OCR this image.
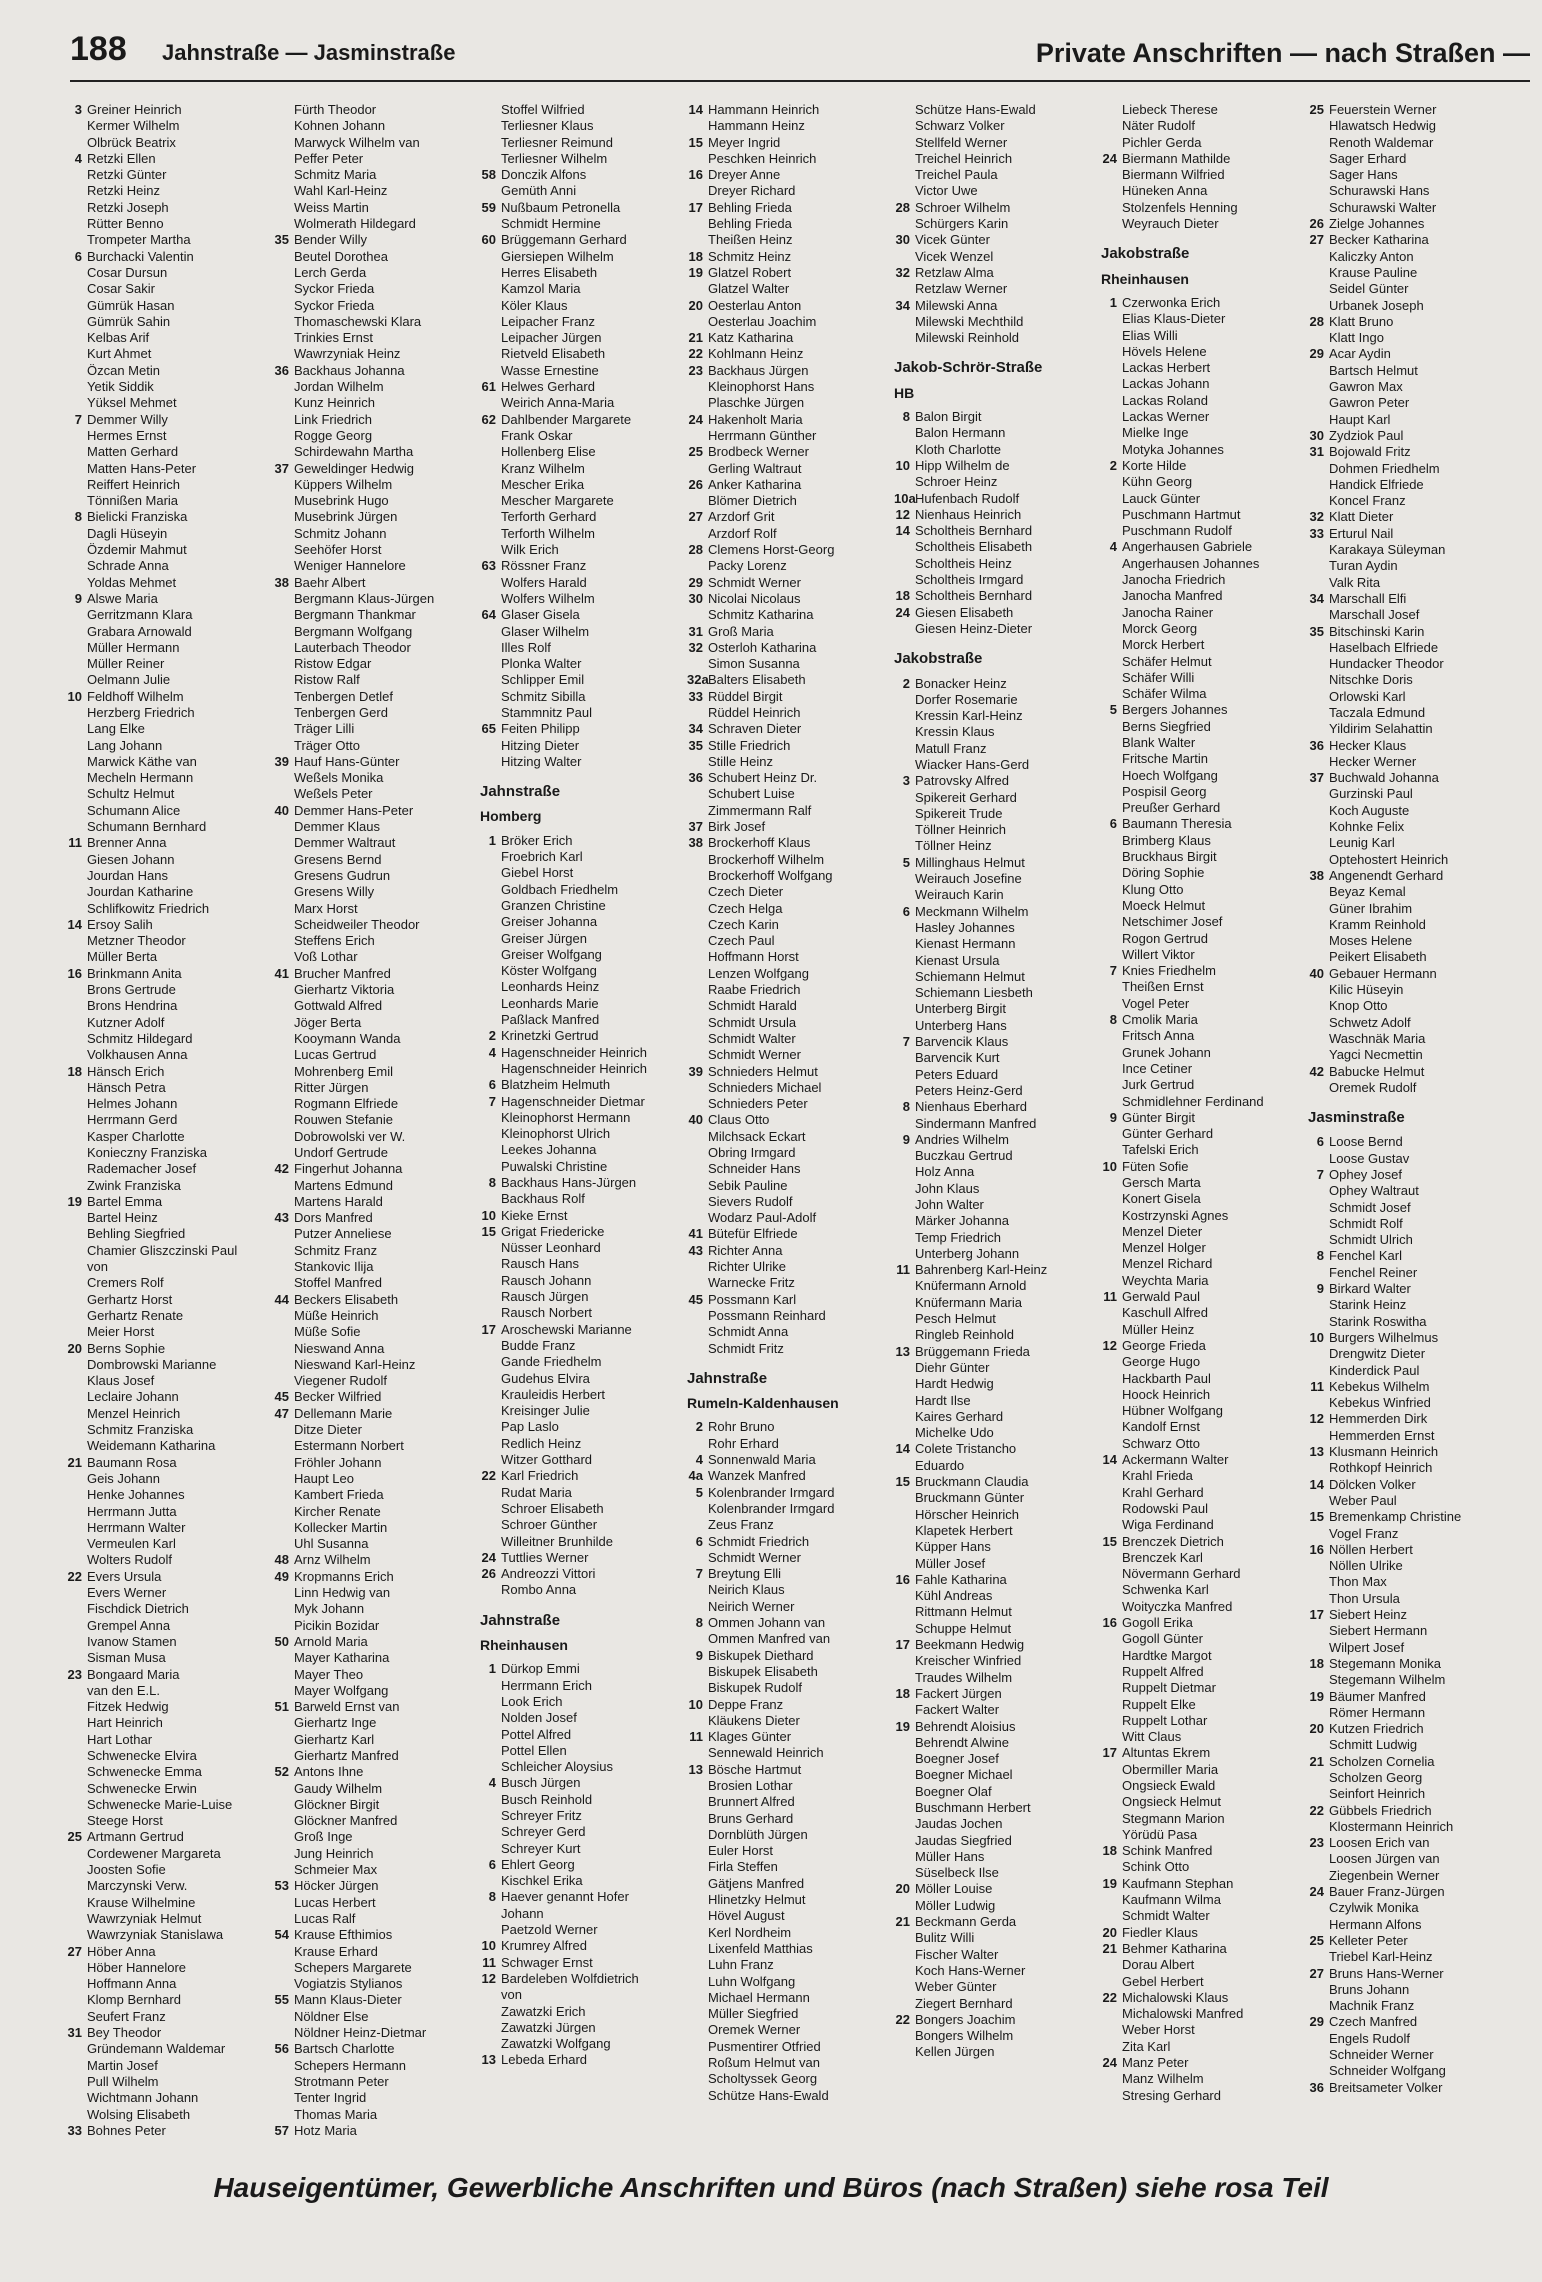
188 Jahnstraße — Jasminstraße	Private Anschriften — nach Straßen —
3 Greiner Heinrich
Kermer Wilhelm
Olbrück Beatrix
4 Retzki Ellen
Retzki Günter
Retzki Heinz
Retzki Joseph
Rütter Benno
Trompeter Martha
6 Burchacki Valentin
Cosar Dursun
Cosar Sakir
Gümrük Hasan
Gümrük Sahin
Kelbas Arif
Kurt Ahmet
Özcan Metin
Yetik Siddik
Yüksel Mehmet
7 Demmer Willy
Hermes Ernst
Matten Gerhard
Matten Hans-Peter
Reiffert Heinrich
Tönnißen Maria
8 Bielicki Franziska
Dagli Hüseyin
Özdemir Mahmut
Schrade Anna
Yoldas Mehmet
9 Alswe Maria
Gerritzmann Klara
Grabara Arnowald
Müller Hermann
Müller Reiner
Oelmann Julie
10 Feldhoff Wilhelm
Herzberg Friedrich
Lang Elke
Lang Johann
Marwick Käthe van
Mecheln Hermann
Schultz Helmut
Schumann Alice
Schumann Bernhard
11 Brenner Anna
Giesen Johann
Jourdan Hans
Jourdan Katharine
Schlifkowitz Friedrich
14 Ersoy Salih
Metzner Theodor
Müller Berta
16 Brinkmann Anita
Brons Gertrude
Brons Hendrina
Kutzner Adolf
Schmitz Hildegard
Volkhausen Anna
18 Hänsch Erich
Hänsch Petra
Helmes Johann
Herrmann Gerd
Kasper Charlotte
Konieczny Franziska
Rademacher Josef
Zwink Franziska
19 Bartel Emma
Bartel Heinz
Behling Siegfried
Chamier Gliszczinski Paul
von
Cremers Rolf
Gerhartz Horst
Gerhartz Renate
Meier Horst
20 Berns Sophie
Dombrowski Marianne
Klaus Josef
Leclaire Johann
Menzel Heinrich
Schmitz Franziska
Weidemann Katharina
21 Baumann Rosa
Geis Johann
Henke Johannes
Herrmann Jutta
Herrmann Walter
Vermeulen Karl
Wolters Rudolf
22 Evers Ursula
Evers Werner
Fischdick Dietrich
Grempel Anna
Ivanow Stamen
Sisman Musa
23 Bongaard Maria
van den E.L.
Fitzek Hedwig
Hart Heinrich
Hart Lothar
Schwenecke Elvira
Schwenecke Emma
Schwenecke Erwin
Schwenecke Marie-Luise
Steege Horst
25 Artmann Gertrud
Cordewener Margareta
Joosten Sofie
Marczynski Verw.
Krause Wilhelmine
Wawrzyniak Helmut
Wawrzyniak Stanislawa
27 Höber Anna
Höber Hannelore
Hoffmann Anna
Klomp Bernhard
Seufert Franz
31 Bey Theodor
Gründemann Waldemar
Martin Josef
Pull Wilhelm
Wichtmann Johann
Wolsing Elisabeth
33 Bohnes Peter
Fürth Theodor
Kohnen Johann
Marwyck Wilhelm van
Peffer Peter
Schmitz Maria
Wahl Karl-Heinz
Weiss Martin
Wolmerath Hildegard
35 Bender Willy
Beutel Dorothea
Lerch Gerda
Syckor Frieda
Syckor Frieda
Thomaschewski Klara
Trinkies Ernst
Wawrzyniak Heinz
36 Backhaus Johanna
Jordan Wilhelm
Kunz Heinrich
Link Friedrich
Rogge Georg
Schirdewahn Martha
37 Geweldinger Hedwig
Küppers Wilhelm
Musebrink Hugo
Musebrink Jürgen
Schmitz Johann
Seehöfer Horst
Weniger Hannelore
38 Baehr Albert
Bergmann Klaus-Jürgen
Bergmann Thankmar
Bergmann Wolfgang
Lauterbach Theodor
Ristow Edgar
Ristow Ralf
Tenbergen Detlef
Tenbergen Gerd
Träger Lilli
Träger Otto
39 Hauf Hans-Günter
Weßels Monika
Weßels Peter
40 Demmer Hans-Peter
Demmer Klaus
Demmer Waltraut
Gresens Bernd
Gresens Gudrun
Gresens Willy
Marx Horst
Scheidweiler Theodor
Steffens Erich
Voß Lothar
41 Brucher Manfred
Gierhartz Viktoria
Gottwald Alfred
Jöger Berta
Kooymann Wanda
Lucas Gertrud
Mohrenberg Emil
Ritter Jürgen
Rogmann Elfriede
Rouwen Stefanie
Dobrowolski ver W.
Undorf Gertrude
42 Fingerhut Johanna
Martens Edmund
Martens Harald
43 Dors Manfred
Putzer Anneliese
Schmitz Franz
Stankovic Ilija
Stoffel Manfred
44 Beckers Elisabeth
Müße Heinrich
Müße Sofie
Nieswand Anna
Nieswand Karl-Heinz
Viegener Rudolf
45 Becker Wilfried
47 Dellemann Marie
Ditze Dieter
Estermann Norbert
Fröhler Johann
Haupt Leo
Kambert Frieda
Kircher Renate
Kollecker Martin
Uhl Susanna
48 Arnz Wilhelm
49 Kropmanns Erich
Linn Hedwig van
Myk Johann
Picikin Bozidar
50 Arnold Maria
Mayer Katharina
Mayer Theo
Mayer Wolfgang
51 Barweld Ernst van
Gierhartz Inge
Gierhartz Karl
Gierhartz Manfred
52 Antons Ihne
Gaudy Wilhelm
Glöckner Birgit
Glöckner Manfred
Groß Inge
Jung Heinrich
Schmeier Max
53 Höcker Jürgen
Lucas Herbert
Lucas Ralf
54 Krause Efthimios
Krause Erhard
Schepers Margarete
Vogiatzis Stylianos
55 Mann Klaus-Dieter
Nöldner Else
Nöldner Heinz-Dietmar
56 Bartsch Charlotte
Schepers Hermann
Strotmann Peter
Tenter Ingrid
Thomas Maria
57 Hotz Maria
Stoffel Wilfried
Terliesner Klaus
Terliesner Reimund
Terliesner Wilhelm
58 Donczik Alfons
Gemüth Anni
59 Nußbaum Petronella
Schmidt Hermine
60 Brüggemann Gerhard
Giersiepen Wilhelm
Herres Elisabeth
Kamzol Maria
Köler Klaus
Leipacher Franz
Leipacher Jürgen
Rietveld Elisabeth
Wasse Ernestine
61 Helwes Gerhard
Weirich Anna-Maria
62 Dahlbender Margarete
Frank Oskar
Hollenberg Elise
Kranz Wilhelm
Mescher Erika
Mescher Margarete
Terforth Gerhard
Terforth Wilhelm
Wilk Erich
63 Rössner Franz
Wolfers Harald
Wolfers Wilhelm
64 Glaser Gisela
Glaser Wilhelm
Illes Rolf
Plonka Walter
Schlipper Emil
Schmitz Sibilla
Stammnitz Paul
65 Feiten Philipp
Hitzing Dieter
Hitzing Walter
Jahnstraße
Homberg
1 Bröker Erich
Froebrich Karl
Giebel Horst
Goldbach Friedhelm
Granzen Christine
Greiser Johanna
Greiser Jürgen
Greiser Wolfgang
Köster Wolfgang
Leonhards Heinz
Leonhards Marie
Paßlack Manfred
2 Krinetzki Gertrud
4 Hagenschneider Heinrich
Hagenschneider Heinrich
6 Blatzheim Helmuth
7 Hagenschneider Dietmar
Kleinophorst Hermann
Kleinophorst Ulrich
Leekes Johanna
Puwalski Christine
8 Backhaus Hans-Jürgen
Backhaus Rolf
10 Kieke Ernst
15 Grigat Friedericke
Nüsser Leonhard
Rausch Hans
Rausch Johann
Rausch Jürgen
Rausch Norbert
17 Aroschewski Marianne
Budde Franz
Gande Friedhelm
Gudehus Elvira
Krauleidis Herbert
Kreisinger Julie
Pap Laslo
Redlich Heinz
Witzer Gotthard
22 Karl Friedrich
Rudat Maria
Schroer Elisabeth
Schroer Günther
Willeitner Brunhilde
24 Tuttlies Werner
26 Andreozzi Vittori
Rombo Anna
Jahnstraße
Rheinhausen
1 Dürkop Emmi
Herrmann Erich
Look Erich
Nolden Josef
Pottel Alfred
Pottel Ellen
Schleicher Aloysius
4 Busch Jürgen
Busch Reinhold
Schreyer Fritz
Schreyer Gerd
Schreyer Kurt
6 Ehlert Georg
Kischkel Erika
8 Haever genannt Hofer
Johann
Paetzold Werner
10 Krumrey Alfred
11 Schwager Ernst
12 Bardeleben Wolfdietrich
von
Zawatzki Erich
Zawatzki Jürgen
Zawatzki Wolfgang
13 Lebeda Erhard
14 Hammann Heinrich
Hammann Heinz
15 Meyer Ingrid
Peschken Heinrich
16 Dreyer Anne
Dreyer Richard
17 Behling Frieda
Behling Frieda
Theißen Heinz
18 Schmitz Heinz
19 Glatzel Robert
Glatzel Walter
20 Oesterlau Anton
Oesterlau Joachim
21 Katz Katharina
22 Kohlmann Heinz
23 Backhaus Jürgen
Kleinophorst Hans
Plaschke Jürgen
24 Hakenholt Maria
Herrmann Günther
25 Brodbeck Werner
Gerling Waltraut
26 Anker Katharina
Blömer Dietrich
27 Arzdorf Grit
Arzdorf Rolf
28 Clemens Horst-Georg
Packy Lorenz
29 Schmidt Werner
30 Nicolai Nicolaus
Schmitz Katharina
31 Groß Maria
32 Osterloh Katharina
Simon Susanna
32a Balters Elisabeth
33 Rüddel Birgit
Rüddel Heinrich
34 Schraven Dieter
35 Stille Friedrich
Stille Heinz
36 Schubert Heinz Dr.
Schubert Luise
Zimmermann Ralf
37 Birk Josef
38 Brockerhoff Klaus
Brockerhoff Wilhelm
Brockerhoff Wolfgang
Czech Dieter
Czech Helga
Czech Karin
Czech Paul
Hoffmann Horst
Lenzen Wolfgang
Raabe Friedrich
Schmidt Harald
Schmidt Ursula
Schmidt Walter
Schmidt Werner
39 Schnieders Helmut
Schnieders Michael
Schnieders Peter
40 Claus Otto
Milchsack Eckart
Obring Irmgard
Schneider Hans
Sebik Pauline
Sievers Rudolf
Wodarz Paul-Adolf
41 Bütefür Elfriede
43 Richter Anna
Richter Ulrike
Warnecke Fritz
45 Possmann Karl
Possmann Reinhard
Schmidt Anna
Schmidt Fritz
Jahnstraße
Rumeln-Kaldenhausen
2 Rohr Bruno
Rohr Erhard
4 Sonnenwald Maria
4a Wanzek Manfred
5 Kolenbrander Irmgard
Kolenbrander Irmgard
Zeus Franz
6 Schmidt Friedrich
Schmidt Werner
7 Breytung Elli
Neirich Klaus
Neirich Werner
8 Ommen Johann van
Ommen Manfred van
9 Biskupek Diethard
Biskupek Elisabeth
Biskupek Rudolf
10 Deppe Franz
Kläukens Dieter
11 Klages Günter
Sennewald Heinrich
13 Bösche Hartmut
Brosien Lothar
Brunnert Alfred
Bruns Gerhard
Dornblüth Jürgen
Euler Horst
Firla Steffen
Gätjens Manfred
Hlinetzky Helmut
Hövel August
Kerl Nordheim
Lixenfeld Matthias
Luhn Franz
Luhn Wolfgang
Michael Hermann
Müller Siegfried
Oremek Werner
Pusmentirer Otfried
Roßum Helmut van
Scholtyssek Georg
Schütze Hans-Ewald
Schütze Hans-Ewald
Schwarz Volker
Stellfeld Werner
Treichel Heinrich
Treichel Paula
Victor Uwe
28 Schroer Wilhelm
Schürgers Karin
30 Vicek Günter
Vicek Wenzel
32 Retzlaw Alma
Retzlaw Werner
34 Milewski Anna
Milewski Mechthild
Milewski Reinhold
Jakob-Schrör-Straße
HB
8 Balon Birgit
Balon Hermann
Kloth Charlotte
10 Hipp Wilhelm de
Schroer Heinz
10a Hufenbach Rudolf
12 Nienhaus Heinrich
14 Scholtheis Bernhard
Scholtheis Elisabeth
Scholtheis Heinz
Scholtheis Irmgard
18 Scholtheis Bernhard
24 Giesen Elisabeth
Giesen Heinz-Dieter
Jakobstraße
2 Bonacker Heinz
Dorfer Rosemarie
Kressin Karl-Heinz
Kressin Klaus
Matull Franz
Wiacker Hans-Gerd
3 Patrovsky Alfred
Spikereit Gerhard
Spikereit Trude
Töllner Heinrich
Töllner Heinz
5 Millinghaus Helmut
Weirauch Josefine
Weirauch Karin
6 Meckmann Wilhelm
Hasley Johannes
Kienast Hermann
Kienast Ursula
Schiemann Helmut
Schiemann Liesbeth
Unterberg Birgit
Unterberg Hans
7 Barvencik Klaus
Barvencik Kurt
Peters Eduard
Peters Heinz-Gerd
8 Nienhaus Eberhard
Sindermann Manfred
9 Andries Wilhelm
Buczkau Gertrud
Holz Anna
John Klaus
John Walter
Märker Johanna
Temp Friedrich
Unterberg Johann
11 Bahrenberg Karl-Heinz
Knüfermann Arnold
Knüfermann Maria
Pesch Helmut
Ringleb Reinhold
13 Brüggemann Frieda
Diehr Günter
Hardt Hedwig
Hardt Ilse
Kaires Gerhard
Michelke Udo
14 Colete Tristancho
Eduardo
15 Bruckmann Claudia
Bruckmann Günter
Hörscher Heinrich
Klapetek Herbert
Küpper Hans
Müller Josef
16 Fahle Katharina
Kühl Andreas
Rittmann Helmut
Schuppe Helmut
17 Beekmann Hedwig
Kreischer Winfried
Traudes Wilhelm
18 Fackert Jürgen
Fackert Walter
19 Behrendt Aloisius
Behrendt Alwine
Boegner Josef
Boegner Michael
Boegner Olaf
Buschmann Herbert
Jaudas Jochen
Jaudas Siegfried
Müller Hans
Süselbeck Ilse
20 Möller Louise
Möller Ludwig
21 Beckmann Gerda
Bulitz Willi
Fischer Walter
Koch Hans-Werner
Weber Günter
Ziegert Bernhard
22 Bongers Joachim
Bongers Wilhelm
Kellen Jürgen
Liebeck Therese
Näter Rudolf
Pichler Gerda
24 Biermann Mathilde
Biermann Wilfried
Hüneken Anna
Stolzenfels Henning
Weyrauch Dieter
Jakobstraße
Rheinhausen
1 Czerwonka Erich
Elias Klaus-Dieter
Elias Willi
Hövels Helene
Lackas Herbert
Lackas Johann
Lackas Roland
Lackas Werner
Mielke Inge
Motyka Johannes
2 Korte Hilde
Kühn Georg
Lauck Günter
Puschmann Hartmut
Puschmann Rudolf
4 Angerhausen Gabriele
Angerhausen Johannes
Janocha Friedrich
Janocha Manfred
Janocha Rainer
Morck Georg
Morck Herbert
Schäfer Helmut
Schäfer Willi
Schäfer Wilma
5 Bergers Johannes
Berns Siegfried
Blank Walter
Fritsche Martin
Hoech Wolfgang
Pospisil Georg
Preußer Gerhard
6 Baumann Theresia
Brimberg Klaus
Bruckhaus Birgit
Döring Sophie
Klung Otto
Moeck Helmut
Netschimer Josef
Rogon Gertrud
Willert Viktor
7 Knies Friedhelm
Theißen Ernst
Vogel Peter
8 Cmolik Maria
Fritsch Anna
Grunek Johann
Ince Cetiner
Jurk Gertrud
Schmidlehner Ferdinand
9 Günter Birgit
Günter Gerhard
Tafelski Erich
10 Füten Sofie
Gersch Marta
Konert Gisela
Kostrzynski Agnes
Menzel Dieter
Menzel Holger
Menzel Richard
Weychta Maria
11 Gerwald Paul
Kaschull Alfred
Müller Heinz
12 George Frieda
George Hugo
Hackbarth Paul
Hoock Heinrich
Hübner Wolfgang
Kandolf Ernst
Schwarz Otto
14 Ackermann Walter
Krahl Frieda
Krahl Gerhard
Rodowski Paul
Wiga Ferdinand
15 Brenczek Dietrich
Brenczek Karl
Növermann Gerhard
Schwenka Karl
Woityczka Manfred
16 Gogoll Erika
Gogoll Günter
Hardtke Margot
Ruppelt Alfred
Ruppelt Dietmar
Ruppelt Elke
Ruppelt Lothar
Witt Claus
17 Altuntas Ekrem
Obermiller Maria
Ongsieck Ewald
Ongsieck Helmut
Stegmann Marion
Yörüdü Pasa
18 Schink Manfred
Schink Otto
19 Kaufmann Stephan
Kaufmann Wilma
Schmidt Walter
20 Fiedler Klaus
21 Behmer Katharina
Dorau Albert
Gebel Herbert
22 Michalowski Klaus
Michalowski Manfred
Weber Horst
Zita Karl
24 Manz Peter
Manz Wilhelm
Stresing Gerhard
25 Feuerstein Werner
Hlawatsch Hedwig
Renoth Waldemar
Sager Erhard
Sager Hans
Schurawski Hans
Schurawski Walter
26 Zielge Johannes
27 Becker Katharina
Kaliczky Anton
Krause Pauline
Seidel Günter
Urbanek Joseph
28 Klatt Bruno
Klatt Ingo
29 Acar Aydin
Bartsch Helmut
Gawron Max
Gawron Peter
Haupt Karl
30 Zydziok Paul
31 Bojowald Fritz
Dohmen Friedhelm
Handick Elfriede
Koncel Franz
32 Klatt Dieter
33 Erturul Nail
Karakaya Süleyman
Turan Aydin
Valk Rita
34 Marschall Elfi
Marschall Josef
35 Bitschinski Karin
Haselbach Elfriede
Hundacker Theodor
Nitschke Doris
Orlowski Karl
Taczala Edmund
Yildirim Selahattin
36 Hecker Klaus
Hecker Werner
37 Buchwald Johanna
Gurzinski Paul
Koch Auguste
Kohnke Felix
Leunig Karl
Optehostert Heinrich
38 Angenendt Gerhard
Beyaz Kemal
Güner Ibrahim
Kramm Reinhold
Moses Helene
Peikert Elisabeth
40 Gebauer Hermann
Kilic Hüseyin
Knop Otto
Schwetz Adolf
Waschnäk Maria
Yagci Necmettin
42 Babucke Helmut
Oremek Rudolf
Jasminstraße
6 Loose Bernd
Loose Gustav
7 Ophey Josef
Ophey Waltraut
Schmidt Josef
Schmidt Rolf
Schmidt Ulrich
8 Fenchel Karl
Fenchel Reiner
9 Birkard Walter
Starink Heinz
Starink Roswitha
10 Burgers Wilhelmus
Drengwitz Dieter
Kinderdick Paul
11 Kebekus Wilhelm
Kebekus Winfried
12 Hemmerden Dirk
Hemmerden Ernst
13 Klusmann Heinrich
Rothkopf Heinrich
14 Dölcken Volker
Weber Paul
15 Bremenkamp Christine
Vogel Franz
16 Nöllen Herbert
Nöllen Ulrike
Thon Max
Thon Ursula
17 Siebert Heinz
Siebert Hermann
Wilpert Josef
18 Stegemann Monika
Stegemann Wilhelm
19 Bäumer Manfred
Römer Hermann
20 Kutzen Friedrich
Schmitt Ludwig
21 Scholzen Cornelia
Scholzen Georg
Seinfort Heinrich
22 Gübbels Friedrich
Klostermann Heinrich
23 Loosen Erich van
Loosen Jürgen van
Ziegenbein Werner
24 Bauer Franz-Jürgen
Czylwik Monika
Hermann Alfons
25 Kelleter Peter
Triebel Karl-Heinz
27 Bruns Hans-Werner
Bruns Johann
Machnik Franz
29 Czech Manfred
Engels Rudolf
Schneider Werner
Schneider Wolfgang
36 Breitsameter Volker
Hauseigentümer, Gewerbliche Anschriften und Büros (nach Straßen) siehe rosa Teil
